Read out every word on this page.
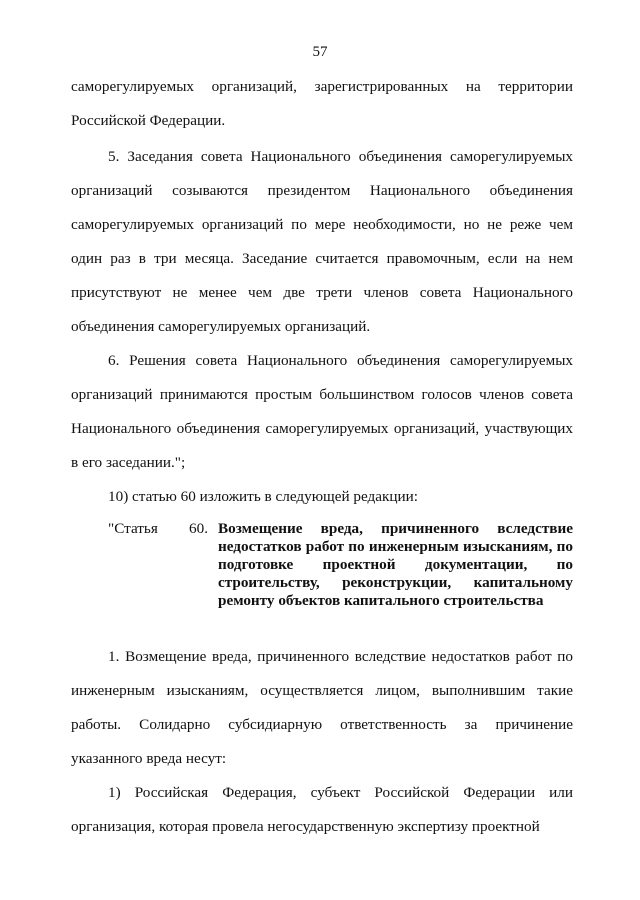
57
саморегулируемых организаций, зарегистрированных на территории Российской Федерации.
5. Заседания совета Национального объединения саморегулируемых организаций созываются президентом Национального объединения саморегулируемых организаций по мере необходимости, но не реже чем один раз в три месяца. Заседание считается правомочным, если на нем присутствуют не менее чем две трети членов совета Национального объединения саморегулируемых организаций.
6. Решения совета Национального объединения саморегулируемых организаций принимаются простым большинством голосов членов совета Национального объединения саморегулируемых организаций, участвующих в его заседании.";
10) статью 60 изложить в следующей редакции:
"Статья 60. Возмещение вреда, причиненного вследствие недостатков работ по инженерным изысканиям, по подготовке проектной документации, по строительству, реконструкции, капитальному ремонту объектов капитального строительства
1. Возмещение вреда, причиненного вследствие недостатков работ по инженерным изысканиям, осуществляется лицом, выполнившим такие работы. Солидарно субсидиарную ответственность за причинение указанного вреда несут:
1) Российская Федерация, субъект Российской Федерации или организация, которая провела негосударственную экспертизу проектной
